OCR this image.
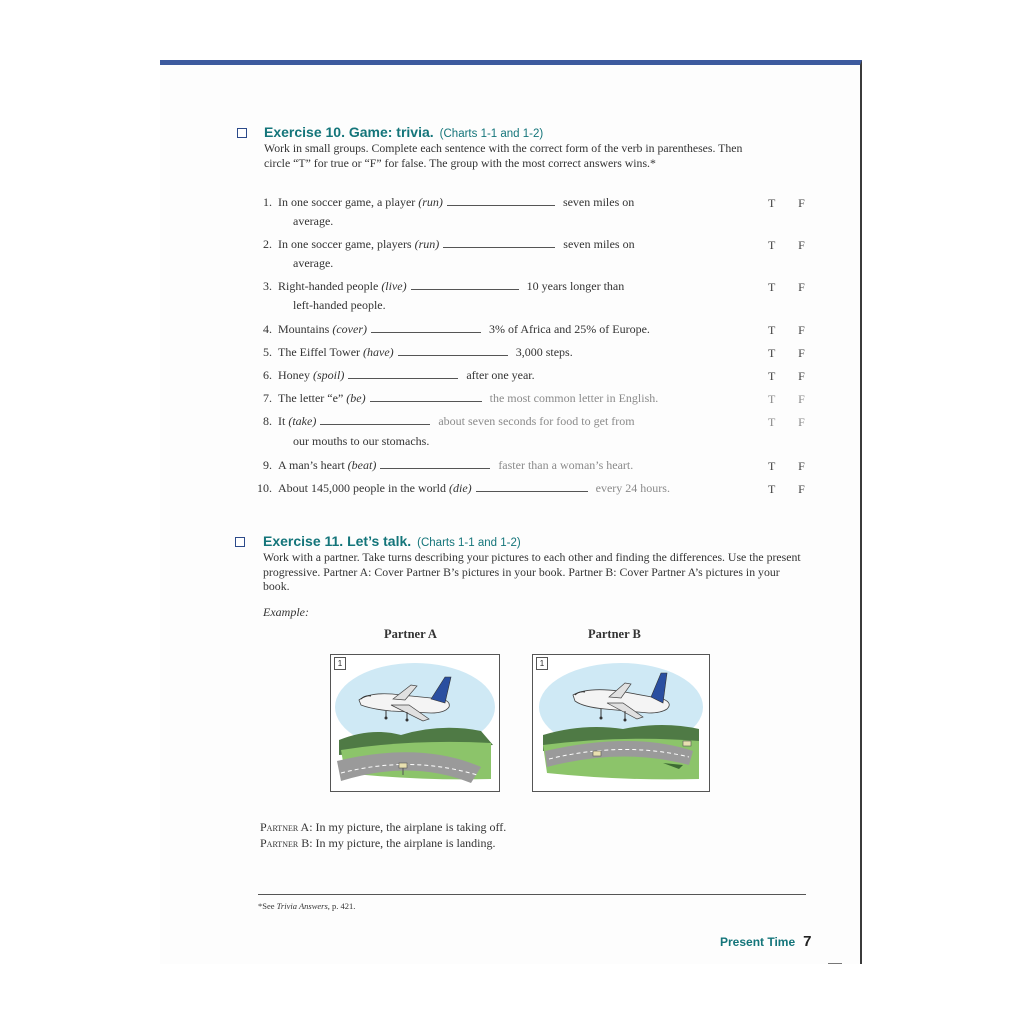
Exercise 10. Game: trivia. (Charts 1-1 and 1-2)
Work in small groups. Complete each sentence with the correct form of the verb in parentheses. Then circle “T” for true or “F” for false. The group with the most correct answers wins.*
1. In one soccer game, a player (run)	seven miles on
average.
T F
2. In one soccer game, players (run)	seven miles on
average.
T F
3. Right-handed people (live)	10 years longer than
left-handed people.
T F
4. Mountains (cover)	3% of Africa and 25% of Europe.	T F
5. The Eiffel Tower (have)	3,000 steps.	T F
6. Honey (spoil)	after one year.	T F
7. The letter “e” (be)	the most common letter in English.	T F
8. It (take)	about seven seconds for food to get from
our mouths to our stomachs.
T F
9. A man’s heart (beat)	faster than a woman’s heart.	T F
10. About 145,000 people in the world (die)	every 24 hours.	T F
Exercise 11. Let’s talk. (Charts 1-1 and 1-2)
Work with a partner. Take turns describing your pictures to each other and finding the differences. Use the present progressive. Partner A: Cover Partner B’s pictures in your book. Partner B: Cover Partner A’s pictures in your book.
Example:
Partner A	Partner B
1	1
Partner A: In my picture, the airplane is taking off.
Partner B: In my picture, the airplane is landing.
*See Trivia Answers, p. 421.
Present Time 7
